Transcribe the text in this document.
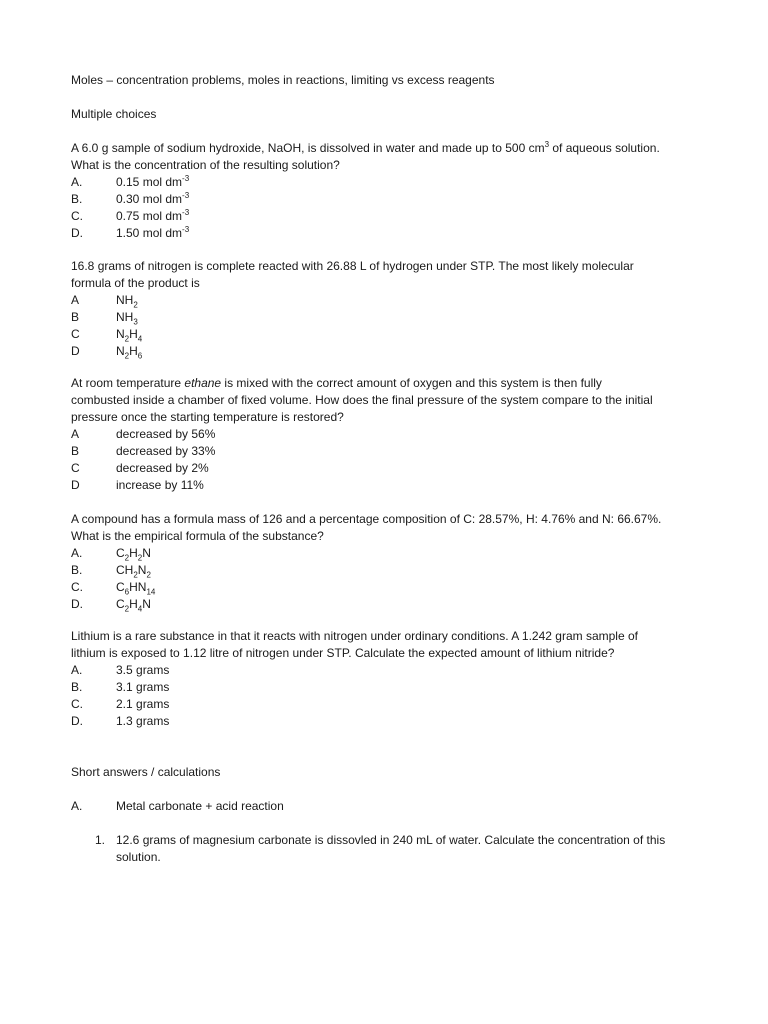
Moles – concentration problems, moles in reactions, limiting vs excess reagents
Multiple choices
A 6.0 g sample of sodium hydroxide, NaOH, is dissolved in water and made up to 500 $cm^3$ of aqueous solution.
What is the concentration of the resulting solution?
A.	0.15 mol $dm^{-3}$
B.	0.30 mol $dm^{-3}$
C.	0.75 mol $dm^{-3}$
D.	1.50 mol $dm^{-3}$
16.8 grams of nitrogen is complete reacted with 26.88 L of hydrogen under STP. The most likely molecular
formula of the product is
A	$NH_2$
B	$NH_3$
C	$N_2H_4$
D	$N_2H_6$
At room temperature ethane is mixed with the correct amount of oxygen and this system is then fully
combusted inside a chamber of fixed volume. How does the final pressure of the system compare to the initial
pressure once the starting temperature is restored?
A	decreased by 56%
B	decreased by 33%
C	decreased by 2%
D	increase by 11%
A compound has a formula mass of 126 and a percentage composition of C: 28.57%, H: 4.76% and N: 66.67%.
What is the empirical formula of the substance?
A.	$C_2H_2N$
B.	$CH_2N_2$
C.	$C_6HN_{14}$
D.	$C_2H_4N$
Lithium is a rare substance in that it reacts with nitrogen under ordinary conditions. A 1.242 gram sample of
lithium is exposed to 1.12 litre of nitrogen under STP. Calculate the expected amount of lithium nitride?
A.	3.5 grams
B.	3.1 grams
C.	2.1 grams
D.	1.3 grams
Short answers / calculations
A.	Metal carbonate + acid reaction
1. 12.6 grams of magnesium carbonate is dissovled in 240 mL of water. Calculate the concentration of this
solution.
